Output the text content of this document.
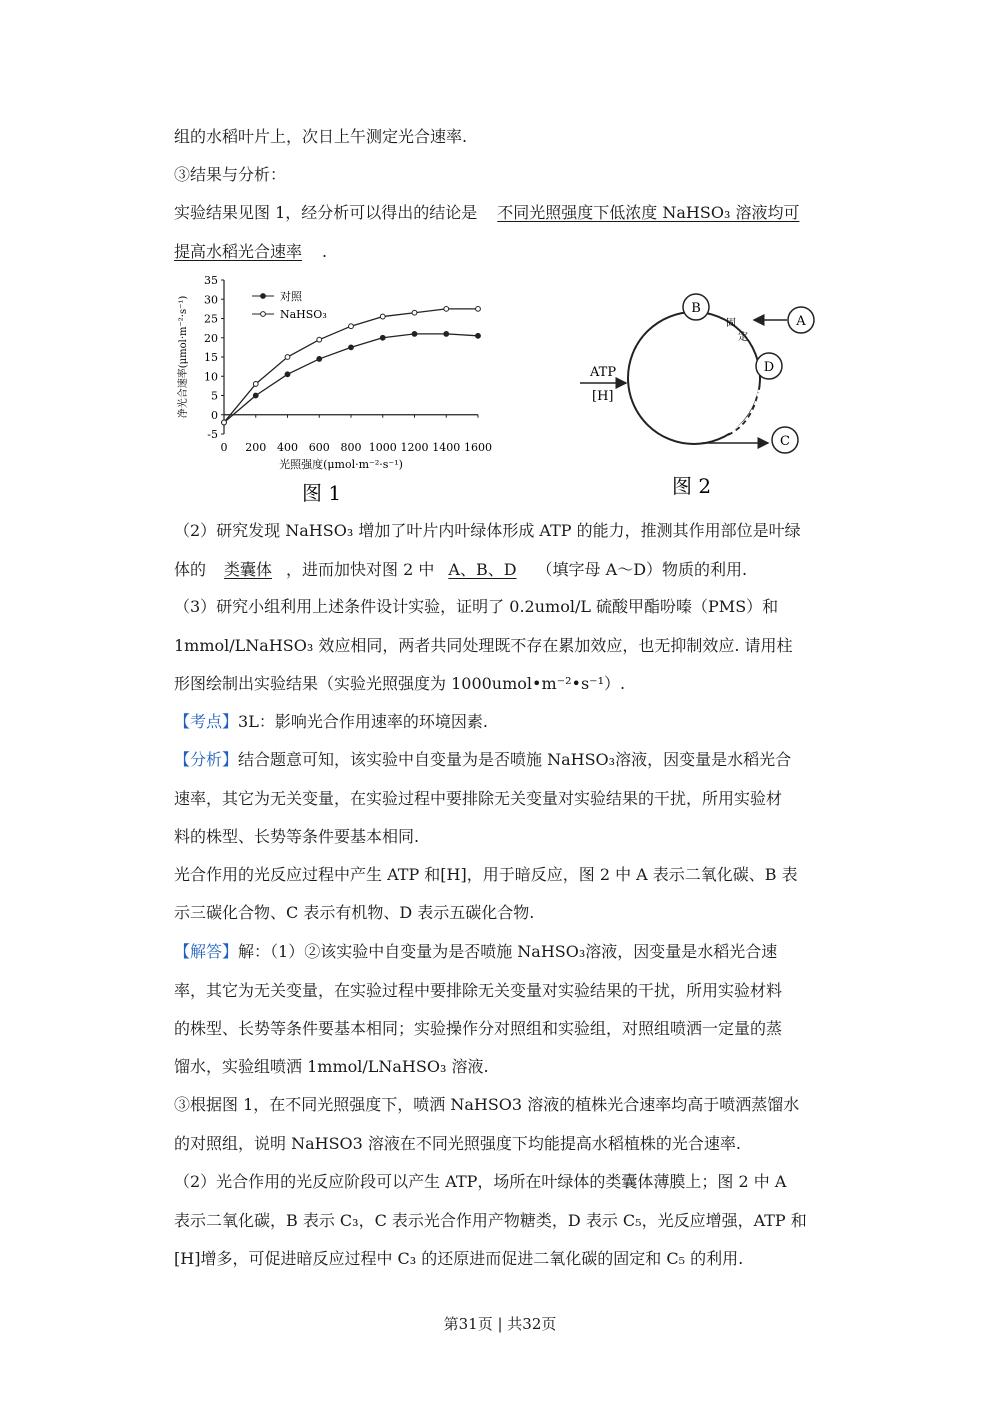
组的水稻叶片上，次日上午测定光合速率.
③结果与分析：
实验结果见图 1，经分析可以得出的结论是 不同光照强度下低浓度 NaHSO₃ 溶液均可
提高水稻光合速率 .
-5
0
5
10
15
20
25
30
35
0 200 400 600 800 1000 1200 1400 1600
光照强度(μmol·m⁻²·s⁻¹)
净光合速率(μmol·m⁻²·s⁻¹)	对照
NaHSO₃
图 1
ATP
[H]
B
A
固
定
D
C
图 2
（2）研究发现 NaHSO₃ 增加了叶片内叶绿体形成 ATP 的能力，推测其作用部位是叶绿
体的 类囊体 ，进而加快对图 2 中 A、B、D （填字母 A～D）物质的利用.
（3）研究小组利用上述条件设计实验，证明了 0.2umol/L 硫酸甲酯吩嗪（PMS）和
1mmol/LNaHSO₃ 效应相同，两者共同处理既不存在累加效应，也无抑制效应. 请用柱
形图绘制出实验结果（实验光照强度为 1000umol•m⁻²•s⁻¹）.
【考点】3L：影响光合作用速率的环境因素.
【分析】结合题意可知，该实验中自变量为是否喷施 NaHSO₃溶液，因变量是水稻光合
速率，其它为无关变量，在实验过程中要排除无关变量对实验结果的干扰，所用实验材
料的株型、长势等条件要基本相同.
光合作用的光反应过程中产生 ATP 和[H]，用于暗反应，图 2 中 A 表示二氧化碳、B 表
示三碳化合物、C 表示有机物、D 表示五碳化合物.
【解答】解：（1）②该实验中自变量为是否喷施 NaHSO₃溶液，因变量是水稻光合速
率，其它为无关变量，在实验过程中要排除无关变量对实验结果的干扰，所用实验材料
的株型、长势等条件要基本相同；实验操作分对照组和实验组，对照组喷洒一定量的蒸
馏水，实验组喷洒 1mmol/LNaHSO₃ 溶液.
③根据图 1，在不同光照强度下，喷洒 NaHSO3 溶液的植株光合速率均高于喷洒蒸馏水
的对照组，说明 NaHSO3 溶液在不同光照强度下均能提高水稻植株的光合速率.
（2）光合作用的光反应阶段可以产生 ATP，场所在叶绿体的类囊体薄膜上；图 2 中 A
表示二氧化碳，B 表示 C₃，C 表示光合作用产物糖类，D 表示 C₅，光反应增强，ATP 和
[H]增多，可促进暗反应过程中 C₃ 的还原进而促进二氧化碳的固定和 C₅ 的利用.
第31页 | 共32页
